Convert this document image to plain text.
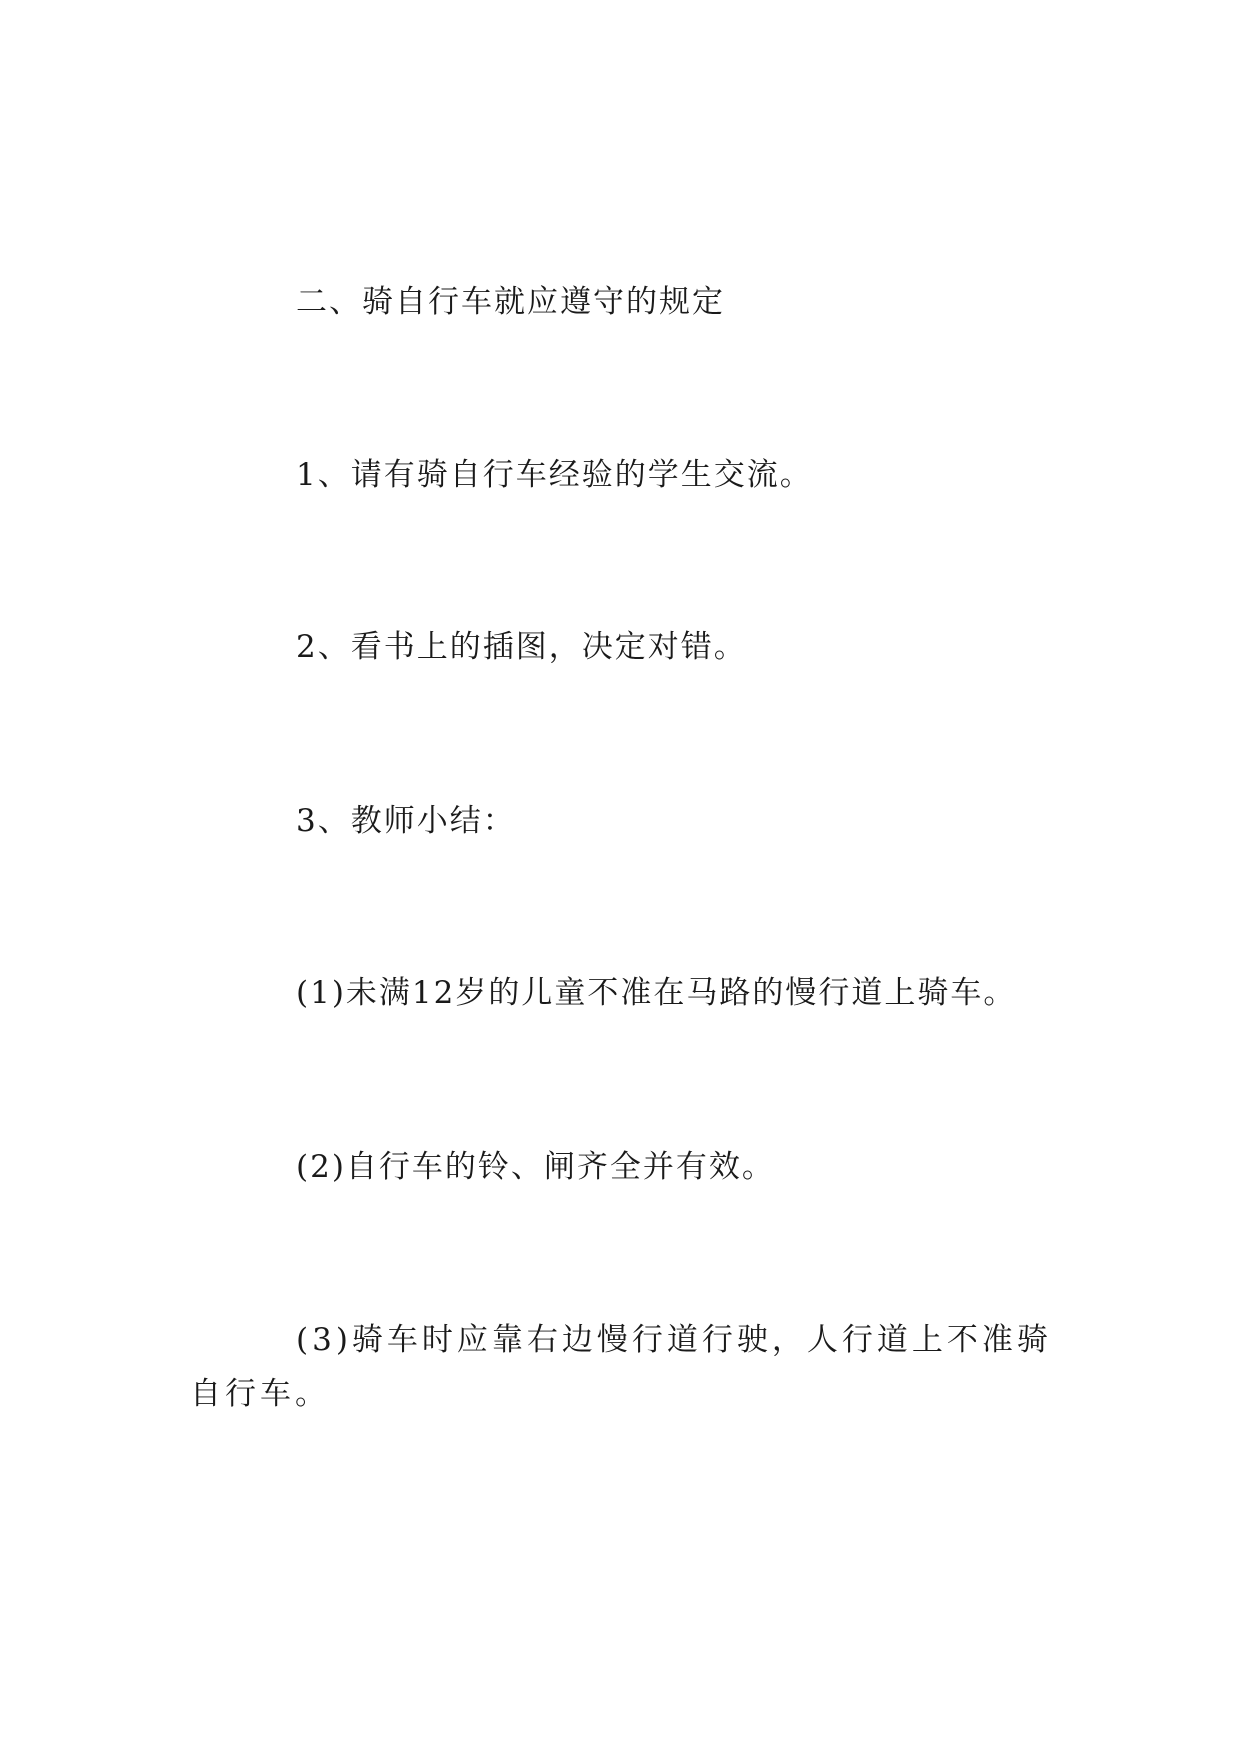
二、骑自行车就应遵守的规定

1、请有骑自行车经验的学生交流。

2、看书上的插图，决定对错。

3、教师小结：

(1)未满12岁的儿童不准在马路的慢行道上骑车。

(2)自行车的铃、闸齐全并有效。

(3)骑车时应靠右边慢行道行驶，人行道上不准骑自行车。
